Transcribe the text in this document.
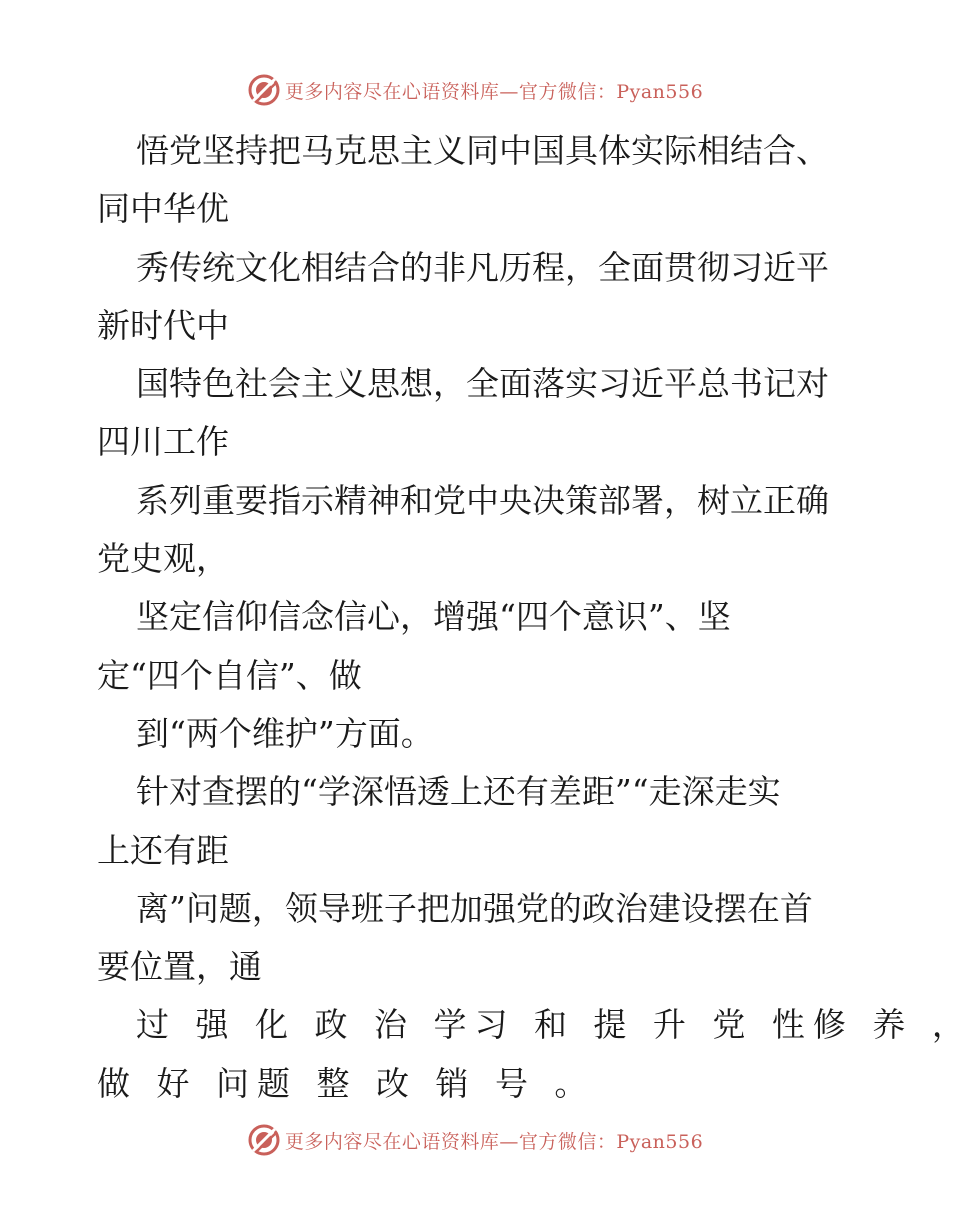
更多内容尽在心语资料库—官方微信：Pyan556
悟党坚持把马克思主义同中国具体实际相结合、
同中华优
秀传统文化相结合的非凡历程，全面贯彻习近平
新时代中
国特色社会主义思想，全面落实习近平总书记对
四川工作
系列重要指示精神和党中央决策部署，树立正确
党史观，
坚定信仰信念信心，增强“四个意识”、坚
定“四个自信”、做
到“两个维护”方面。
针对查摆的“学深悟透上还有差距”“走深走实
上还有距
离”问题，领导班子把加强党的政治建设摆在首
要位置，通
过 强 化 政 治 学习 和 提 升 党 性修 养 ，
做 好 问题 整 改 销 号 。
更多内容尽在心语资料库—官方微信：Pyan556
